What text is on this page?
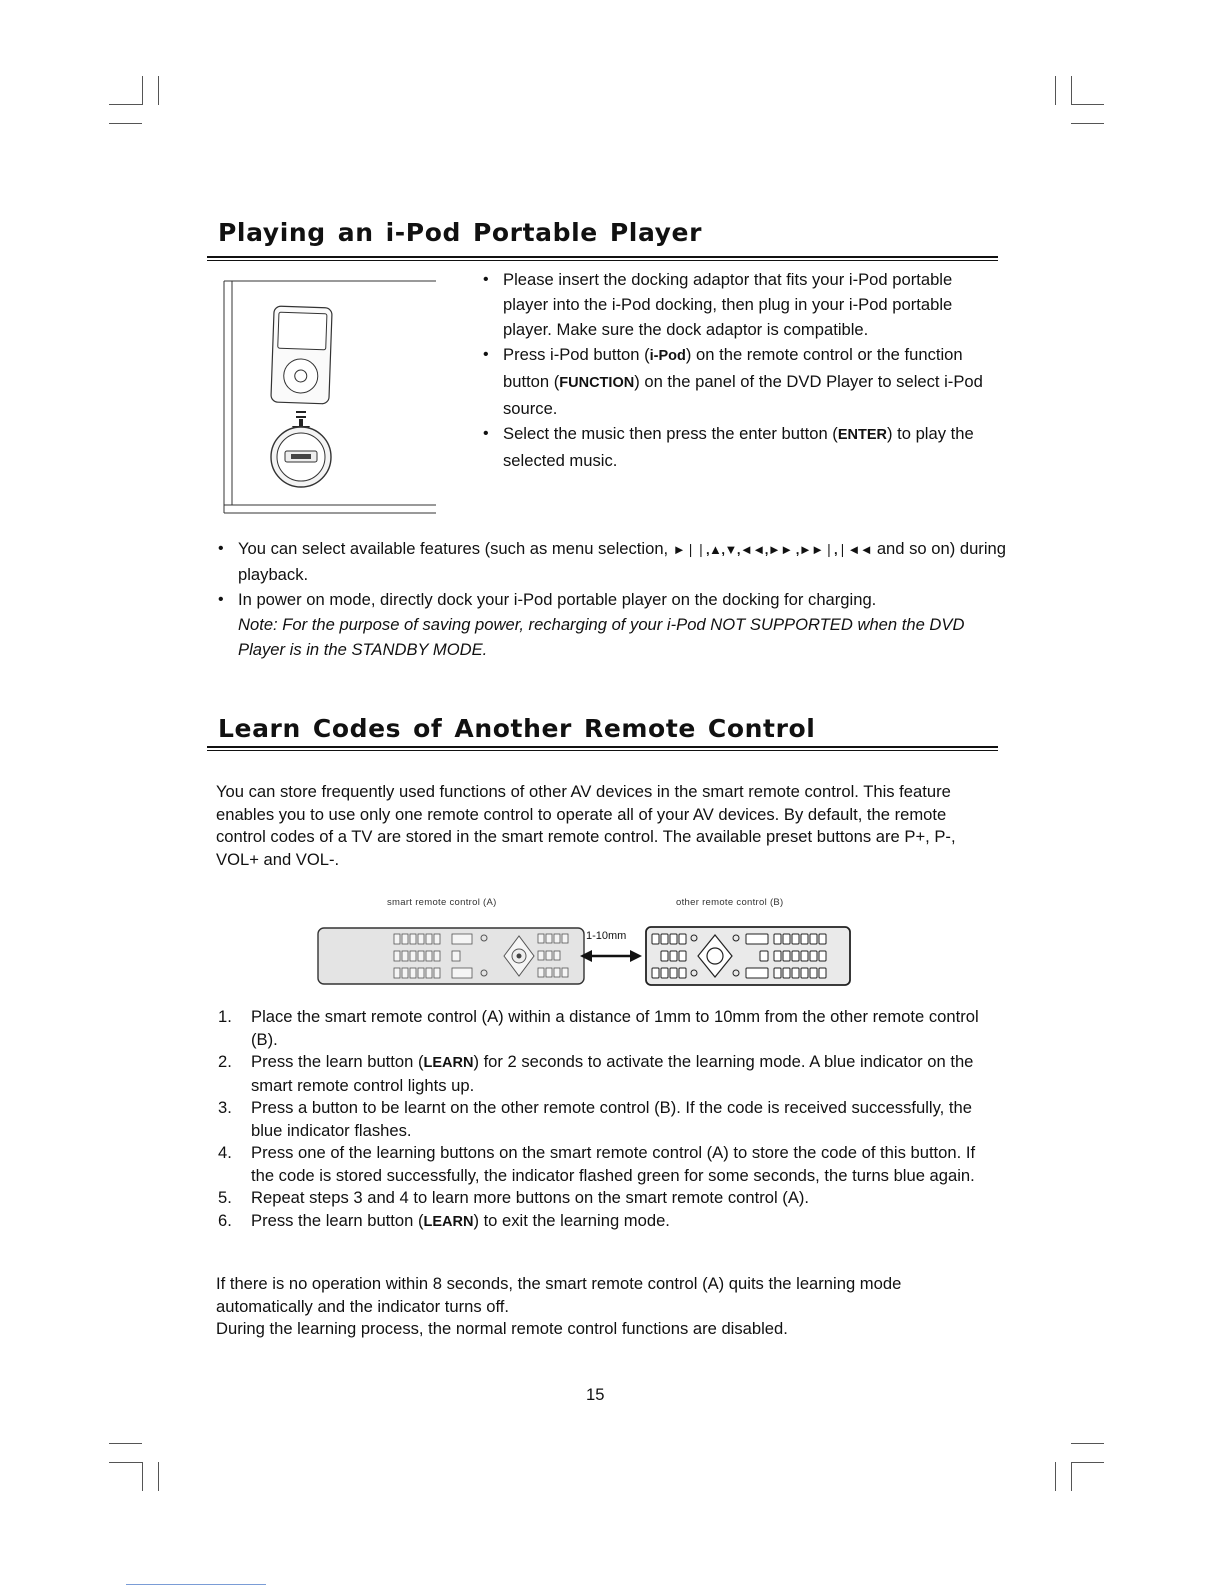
Playing an i-Pod Portable Player
• Please insert the docking adaptor that fits your i-Pod portable player into the i-Pod docking, then plug in your i-Pod portable player. Make sure the dock adaptor is compatible.
• Press i-Pod button (i-Pod) on the remote control or the function button (FUNCTION) on the panel of the DVD Player to select i-Pod source.
• Select the music then press the enter button (ENTER) to play the selected music.
• You can select available features (such as menu selection, ►❘❘,▲,▼,◄◄,►► ,►►❘,❘◄◄ and so on) during playback.
• In power on mode, directly dock your i-Pod portable player on the docking for charging.
Note: For the purpose of saving power, recharging of your i-Pod NOT SUPPORTED when the DVD Player is in the STANDBY MODE.
Learn Codes of Another Remote Control

You can store frequently used functions of other AV devices in the smart remote control. This feature enables you to use only one remote control to operate all of your AV devices. By default, the remote control codes of a TV are stored in the smart remote control. The available preset buttons are P+, P-, VOL+ and VOL-.

smart remote control (A)	other remote control (B)
1-10mm
1. Place the smart remote control (A) within a distance of 1mm to 10mm from the other remote control (B).
2. Press the learn button (LEARN) for 2 seconds to activate the learning mode. A blue indicator on the smart remote control lights up.
3. Press a button to be learnt on the other remote control (B). If the code is received successfully, the blue indicator flashes.
4. Press one of the learning buttons on the smart remote control (A) to store the code of this button. If the code is stored successfully, the indicator flashed green for some seconds, the turns blue again.
5. Repeat steps 3 and 4 to learn more buttons on the smart remote control (A).
6. Press the learn button (LEARN) to exit the learning mode.

If there is no operation within 8 seconds, the smart remote control (A) quits the learning mode automatically and the indicator turns off.
During the learning process, the normal remote control functions are disabled.

15
